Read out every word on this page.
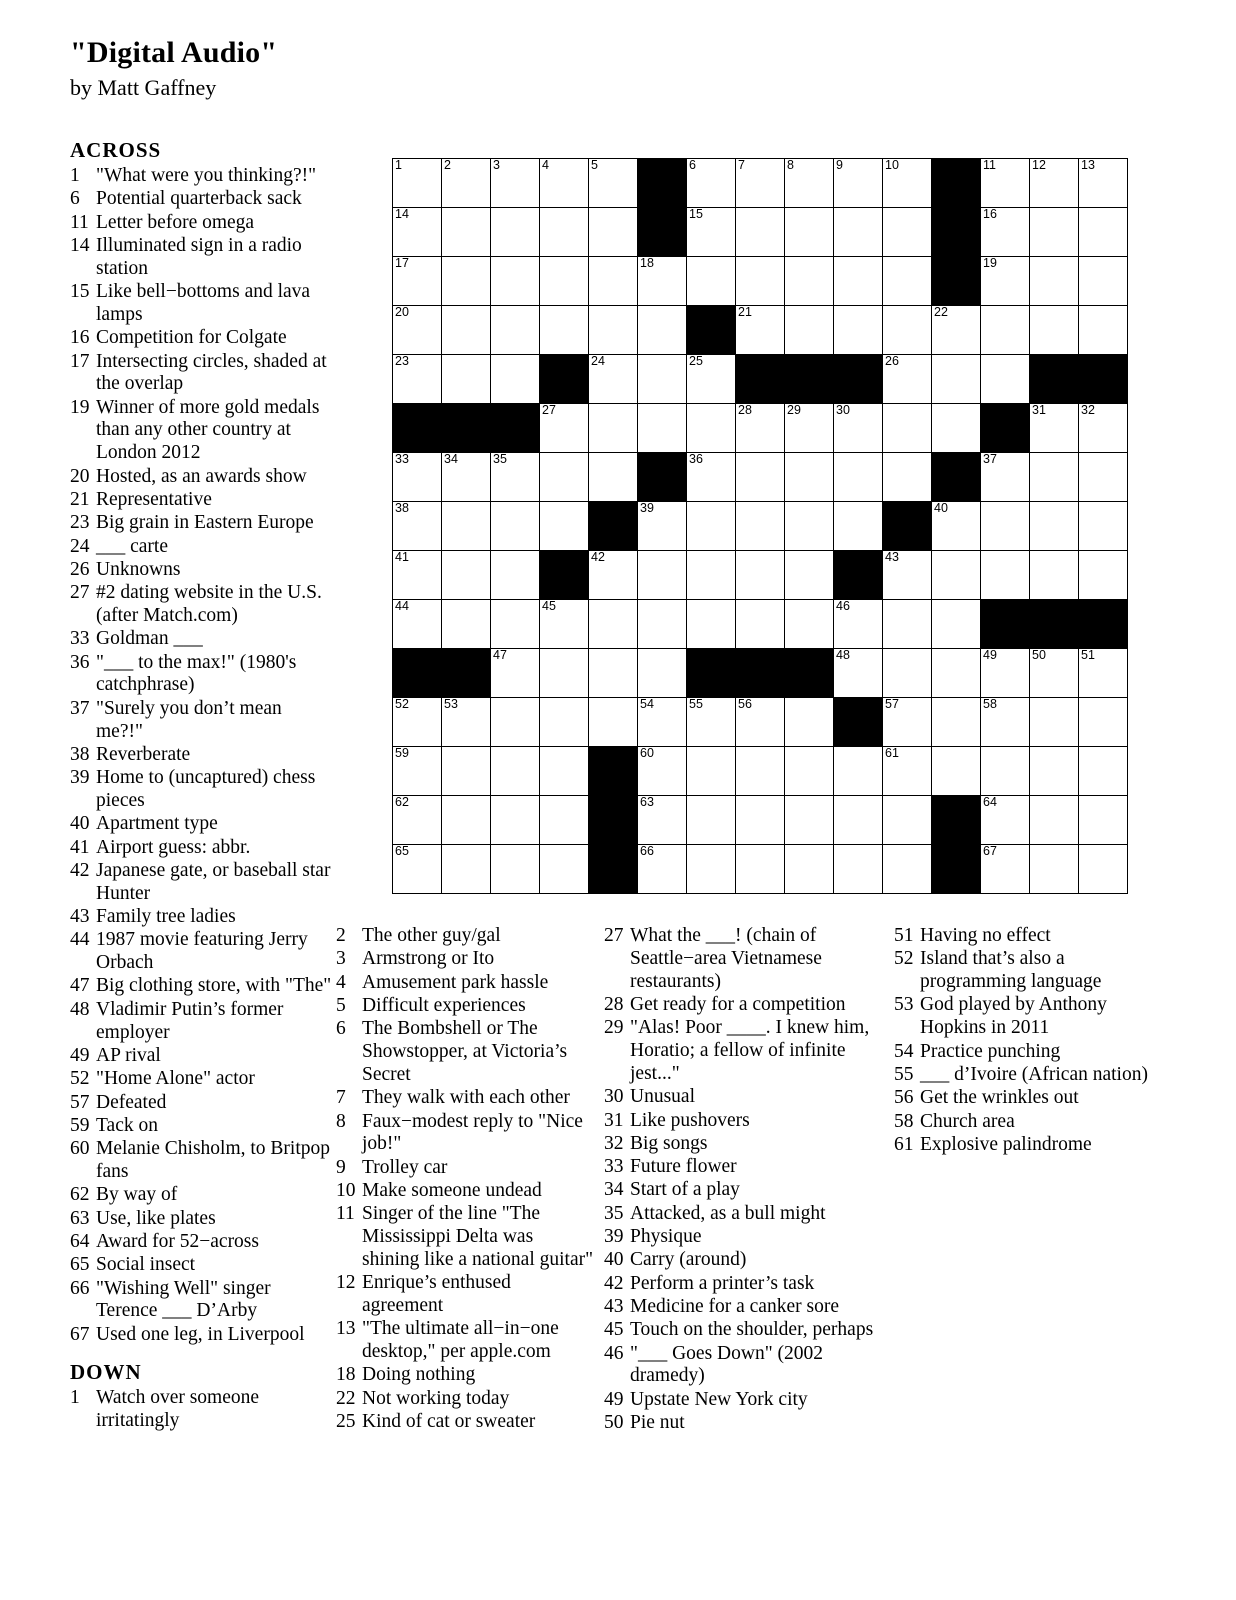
"Digital Audio"
by Matt Gaffney
ACROSS
1 "What were you thinking?!"
6 Potential quarterback sack
11 Letter before omega
14 Illuminated sign in a radio station
15 Like bell−bottoms and lava lamps
16 Competition for Colgate
17 Intersecting circles, shaded at the overlap
19 Winner of more gold medals than any other country at London 2012
20 Hosted, as an awards show
21 Representative
23 Big grain in Eastern Europe
24 ___ carte
26 Unknowns
27 #2 dating website in the U.S. (after Match.com)
33 Goldman ___
36 "___ to the max!" (1980's catchphrase)
37 "Surely you don’t mean me?!"
38 Reverberate
39 Home to (uncaptured) chess pieces
40 Apartment type
41 Airport guess: abbr.
42 Japanese gate, or baseball star Hunter
43 Family tree ladies
44 1987 movie featuring Jerry Orbach
47 Big clothing store, with "The"
48 Vladimir Putin’s former employer
49 AP rival
52 "Home Alone" actor
57 Defeated
59 Tack on
60 Melanie Chisholm, to Britpop fans
62 By way of
63 Use, like plates
64 Award for 52−across
65 Social insect
66 "Wishing Well" singer Terence ___ D’Arby
67 Used one leg, in Liverpool
DOWN
1 Watch over someone irritatingly
1	2	3	4	5		6	7	8	9	10		11	12	13

14						15						16		

17					18							19		

20							21				22			

23				24		25				26				

			27				28	29	30				31	32

33	34	35				36						37		

38					39						40			

41				42						43				

44			45						46					

		47							48			49	50	51

52	53				54	55	56			57		58		

59					60					61				

62					63							64		

65					66							67		

2 The other guy/gal
3 Armstrong or Ito
4 Amusement park hassle
5 Difficult experiences
6 The Bombshell or The Showstopper, at Victoria’s Secret
7 They walk with each other
8 Faux−modest reply to "Nice job!"
9 Trolley car
10 Make someone undead
11 Singer of the line "The Mississippi Delta was shining like a national guitar"
12 Enrique’s enthused agreement
13 "The ultimate all−in−one desktop," per apple.com
18 Doing nothing
22 Not working today
25 Kind of cat or sweater
27 What the ___! (chain of Seattle−area Vietnamese restaurants)
28 Get ready for a competition
29 "Alas! Poor ____. I knew him, Horatio; a fellow of infinite jest..."
30 Unusual
31 Like pushovers
32 Big songs
33 Future flower
34 Start of a play
35 Attacked, as a bull might
39 Physique
40 Carry (around)
42 Perform a printer’s task
43 Medicine for a canker sore
45 Touch on the shoulder, perhaps
46 "___ Goes Down" (2002 dramedy)
49 Upstate New York city
50 Pie nut
51 Having no effect
52 Island that’s also a programming language
53 God played by Anthony Hopkins in 2011
54 Practice punching
55 ___ d’Ivoire (African nation)
56 Get the wrinkles out
58 Church area
61 Explosive palindrome
